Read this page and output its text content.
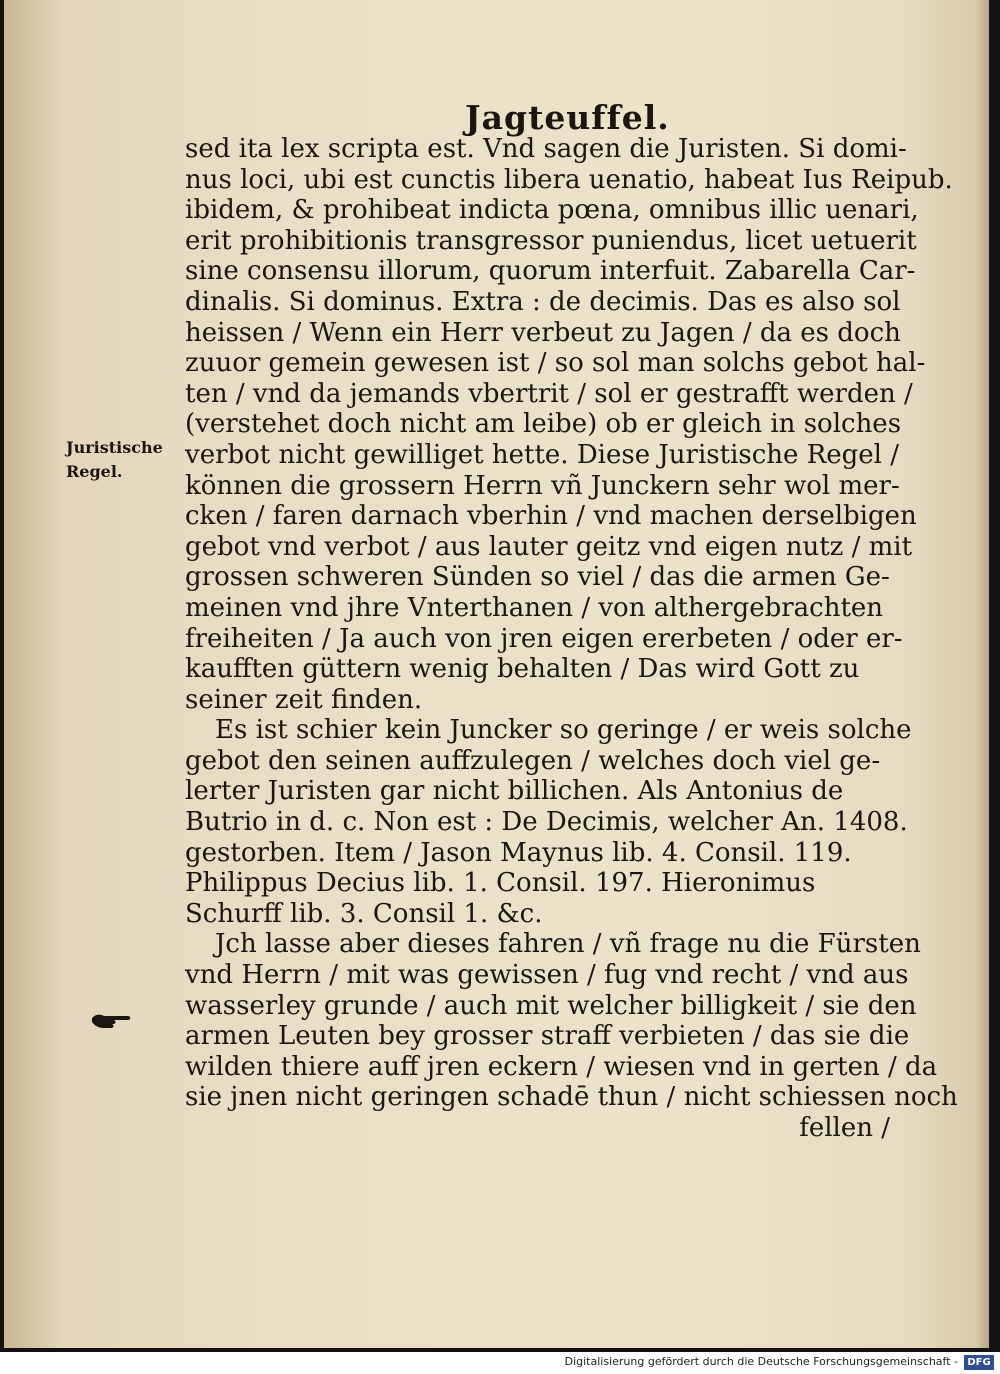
Jagteuffel.
Juristische
Regel.
sed ita lex scripta est. Vnd sagen die Juristen. Si domi-
nus loci, ubi est cunctis libera uenatio, habeat Ius Reipub.
ibidem, & prohibeat indicta pœna, omnibus illic uenari,
erit prohibitionis transgressor puniendus, licet uetuerit
sine consensu illorum, quorum interfuit. Zabarella Car-
dinalis. Si dominus. Extra : de decimis. Das es also sol
heissen / Wenn ein Herr verbeut zu Jagen / da es doch
zuuor gemein gewesen ist / so sol man solchs gebot hal-
ten / vnd da jemands vbertrit / sol er gestrafft werden /
(verstehet doch nicht am leibe) ob er gleich in solches
verbot nicht gewilliget hette. Diese Juristische Regel /
können die grossern Herrn vñ Junckern sehr wol mer-
cken / faren darnach vberhin / vnd machen derselbigen
gebot vnd verbot / aus lauter geitz vnd eigen nutz / mit
grossen schweren Sünden so viel / das die armen Ge-
meinen vnd jhre Vnterthanen / von althergebrachten
freiheiten / Ja auch von jren eigen ererbeten / oder er-
kaufften güttern wenig behalten / Das wird Gott zu
seiner zeit finden.
Es ist schier kein Juncker so geringe / er weis solche
gebot den seinen auffzulegen / welches doch viel ge-
lerter Juristen gar nicht billichen. Als Antonius de
Butrio in d. c. Non est : De Decimis, welcher An. 1408.
gestorben. Item / Jason Maynus lib. 4. Consil. 119.
Philippus Decius lib. 1. Consil. 197. Hieronimus
Schurff lib. 3. Consil 1. &c.
Jch lasse aber dieses fahren / vñ frage nu die Fürsten
vnd Herrn / mit was gewissen / fug vnd recht / vnd aus
wasserley grunde / auch mit welcher billigkeit / sie den
armen Leuten bey grosser straff verbieten / das sie die
wilden thiere auff jren eckern / wiesen vnd in gerten / da
sie jnen nicht geringen schadē thun / nicht schiessen noch
fellen /
Digitalisierung gefördert durch die Deutsche Forschungsgemeinschaft - DFG
